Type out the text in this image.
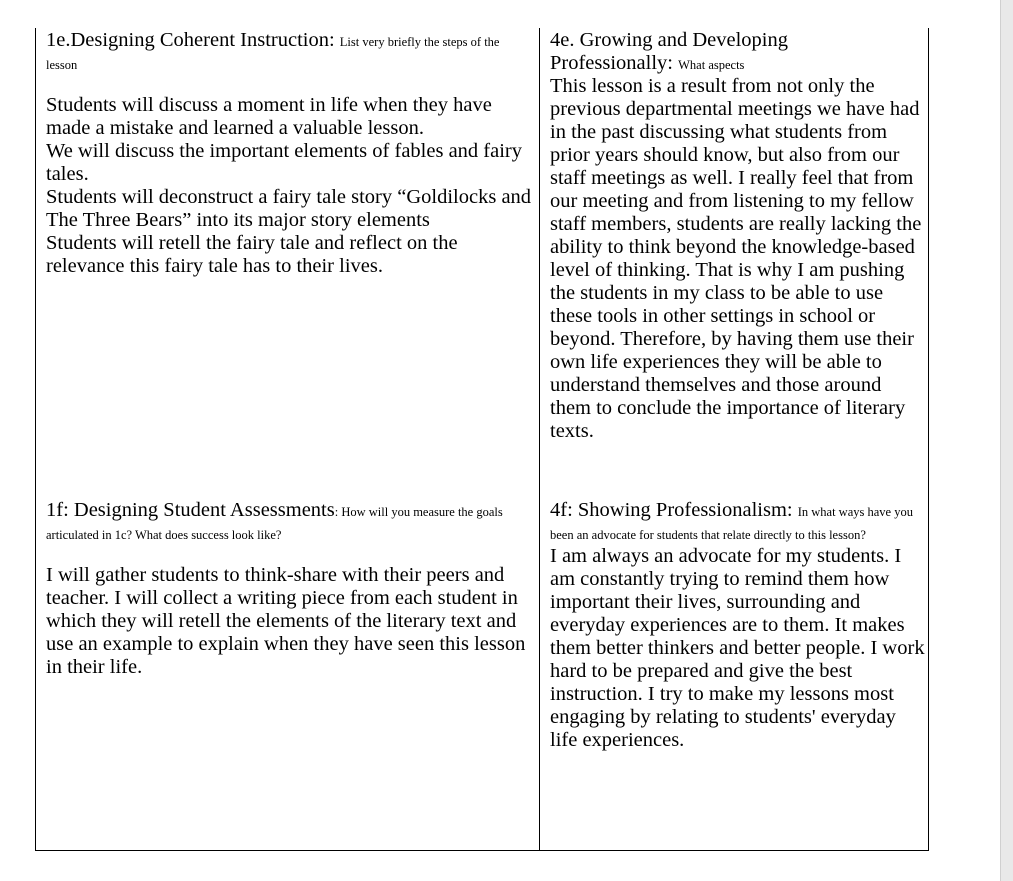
1e.Designing Coherent Instruction: List very briefly the steps of the lesson

Students will discuss a moment in life when they have made a mistake and learned a valuable lesson.

We will discuss the important elements of fables and fairy tales.

Students will deconstruct a fairy tale story “Goldilocks and The Three Bears” into its major story elements

Students will retell the fairy tale and reflect on the relevance this fairy tale has to their lives.

4e. Growing and Developing
Professionally: What aspects

This lesson is a result from not only the previous departmental meetings we have had in the past discussing what students from prior years should know, but also from our staff meetings as well. I really feel that from our meeting and from listening to my fellow staff members, students are really lacking the ability to think beyond the knowledge-based level of thinking. That is why I am pushing the students in my class to be able to use these tools in other settings in school or beyond. Therefore, by having them use their own life experiences they will be able to understand themselves and those around them to conclude the importance of literary texts.

1f: Designing Student Assessments: How will you measure the goals articulated in 1c? What does success look like?

I will gather students to think-share with their peers and teacher. I will collect a writing piece from each student in which they will retell the elements of the literary text and use an example to explain when they have seen this lesson in their life.

4f: Showing Professionalism: In what ways have you been an advocate for students that relate directly to this lesson?

I am always an advocate for my students. I am constantly trying to remind them how important their lives, surrounding and everyday experiences are to them. It makes them better thinkers and better people. I work hard to be prepared and give the best instruction. I try to make my lessons most engaging by relating to students' everyday life experiences.
